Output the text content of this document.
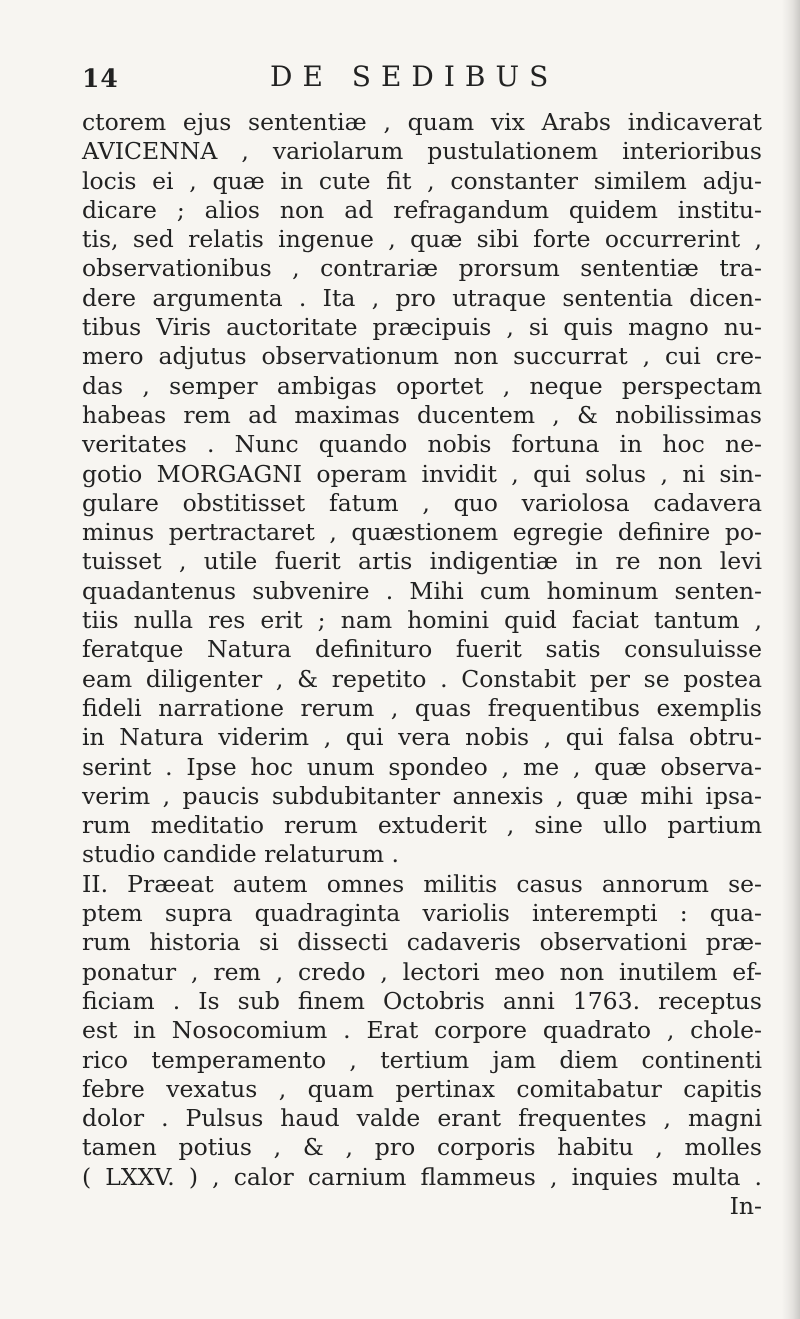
14	DE SEDIBUS
ctorem ejus sententiæ , quam vix Arabs indicaverat
AVICENNA , variolarum pustulationem interioribus
locis ei , quæ in cute fit , constanter similem adju-
dicare ; alios non ad refragandum quidem institu-
tis, sed relatis ingenue , quæ sibi forte occurrerint ,
observationibus , contrariæ prorsum sententiæ tra-
dere argumenta . Ita , pro utraque sententia dicen-
tibus Viris auctoritate præcipuis , si quis magno nu-
mero adjutus observationum non succurrat , cui cre-
das , semper ambigas oportet , neque perspectam
habeas rem ad maximas ducentem , & nobilissimas
veritates . Nunc quando nobis fortuna in hoc ne-
gotio MORGAGNI operam invidit , qui solus , ni sin-
gulare obstitisset fatum , quo variolosa cadavera
minus pertractaret , quæstionem egregie definire po-
tuisset , utile fuerit artis indigentiæ in re non levi
quadantenus subvenire . Mihi cum hominum senten-
tiis nulla res erit ; nam homini quid faciat tantum ,
feratque Natura definituro fuerit satis consuluisse
eam diligenter , & repetito . Constabit per se postea
fideli narratione rerum , quas frequentibus exemplis
in Natura viderim , qui vera nobis , qui falsa obtru-
serint . Ipse hoc unum spondeo , me , quæ observa-
verim , paucis subdubitanter annexis , quæ mihi ipsa-
rum meditatio rerum extuderit , sine ullo partium
studio candide relaturum .
II. Præeat autem omnes militis casus annorum se-
ptem supra quadraginta variolis interempti : qua-
rum historia si dissecti cadaveris observationi præ-
ponatur , rem , credo , lectori meo non inutilem ef-
ficiam . Is sub finem Octobris anni 1763. receptus
est in Nosocomium . Erat corpore quadrato , chole-
rico temperamento , tertium jam diem continenti
febre vexatus , quam pertinax comitabatur capitis
dolor . Pulsus haud valde erant frequentes , magni
tamen potius , & , pro corporis habitu , molles
( LXXV. ) , calor carnium flammeus , inquies multa .
In-
